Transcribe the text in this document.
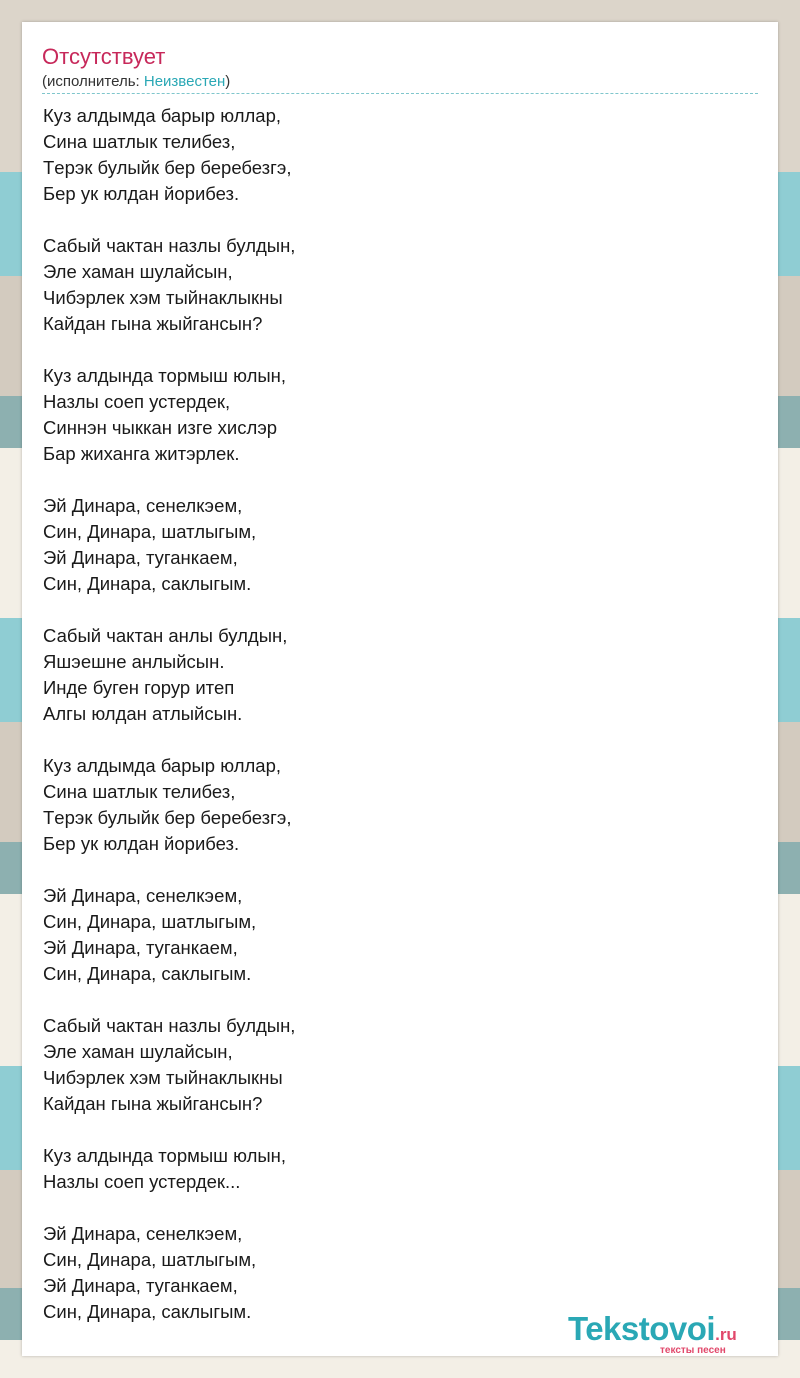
Отсутствует
(исполнитель: Неизвестен)
Куз алдымда барыр юллар,
Сина шатлык телибез,
Тeрэк булыйк бер беребезгэ,
Бер ук юлдан йорибез.
Сабый чактан назлы булдын,
Эле хаман шулайсын,
Чибэрлек хэм тыйнаклыкны
Кайдан гына жыйгансын?
Куз алдында тормыш юлын,
Назлы соеп устердек,
Синнэн чыккан изге хислэр
Бар жиханга житэрлек.
Эй Динара, сенелкэем,
Син, Динара, шатлыгым,
Эй Динара, туганкаем,
Син, Динара, саклыгым.
Сабый чактан анлы булдын,
Яшэешне анлыйсын.
Инде буген горур итеп
Алгы юлдан атлыйсын.
Куз алдымда барыр юллар,
Сина шатлык телибез,
Тeрэк булыйк бер беребезгэ,
Бер ук юлдан йорибез.
Эй Динара, сенелкэем,
Син, Динара, шатлыгым,
Эй Динара, туганкаем,
Син, Динара, саклыгым.
Сабый чактан назлы булдын,
Эле хаман шулайсын,
Чибэрлек хэм тыйнаклыкны
Кайдан гына жыйгансын?
Куз алдында тормыш юлын,
Назлы соеп устердек...
Эй Динара, сенелкэем,
Син, Динара, шатлыгым,
Эй Динара, туганкаем,
Син, Динара, саклыгым.	Tekstovoi.ru
тексты песен
